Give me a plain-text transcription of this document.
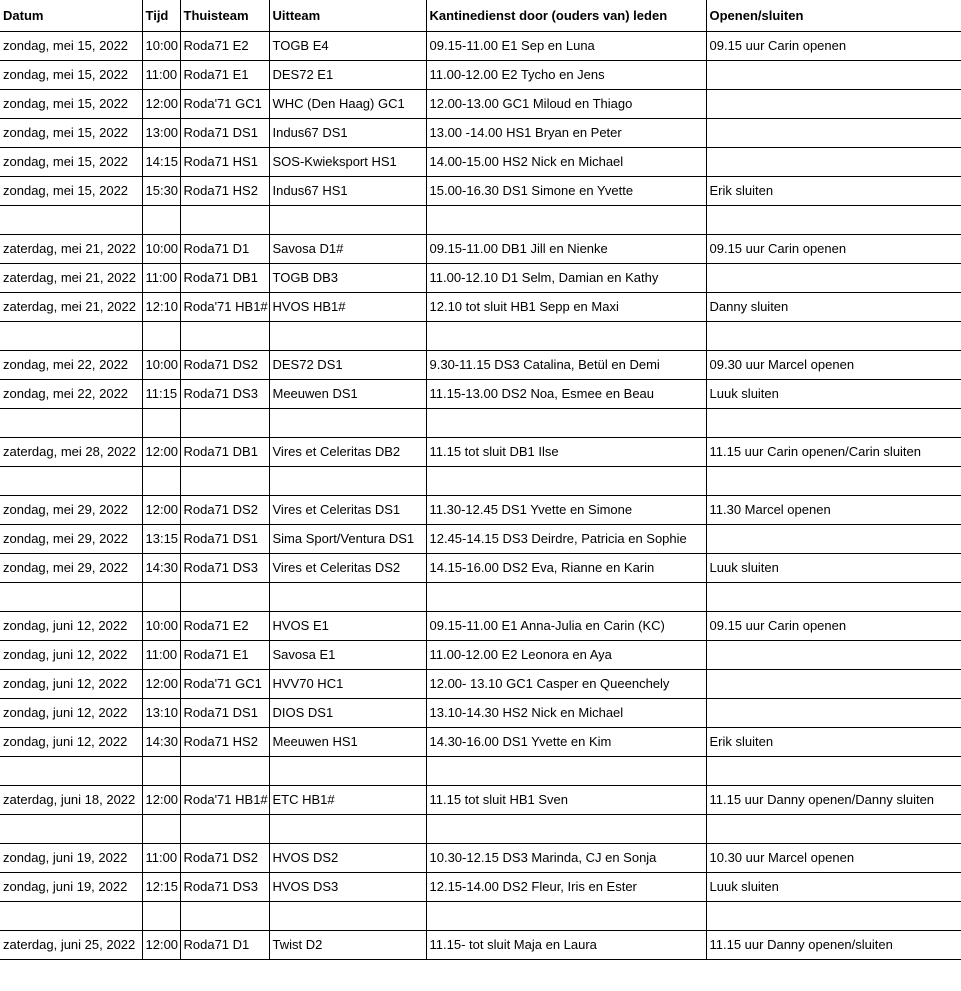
Datum	Tijd	Thuisteam	Uitteam	Kantinedienst door (ouders van) leden	Openen/sluiten
zondag, mei 15, 2022	10:00	Roda71 E2	TOGB E4	09.15-11.00 E1 Sep en Luna	09.15 uur Carin openen
zondag, mei 15, 2022	11:00	Roda71 E1	DES72 E1	11.00-12.00 E2 Tycho en Jens	
zondag, mei 15, 2022	12:00	Roda'71 GC1	WHC (Den Haag) GC1	12.00-13.00 GC1 Miloud en Thiago	
zondag, mei 15, 2022	13:00	Roda71 DS1	Indus67 DS1	13.00 -14.00 HS1 Bryan en Peter	
zondag, mei 15, 2022	14:15	Roda71 HS1	SOS-Kwieksport HS1	14.00-15.00 HS2 Nick en Michael	
zondag, mei 15, 2022	15:30	Roda71 HS2	Indus67 HS1	15.00-16.30 DS1 Simone en Yvette	Erik sluiten

zaterdag, mei 21, 2022	10:00	Roda71 D1	Savosa D1#	09.15-11.00 DB1 Jill en Nienke	09.15 uur Carin openen
zaterdag, mei 21, 2022	11:00	Roda71 DB1	TOGB DB3	11.00-12.10 D1 Selm, Damian en Kathy	
zaterdag, mei 21, 2022	12:10	Roda'71 HB1#	HVOS HB1#	12.10 tot sluit HB1 Sepp en Maxi	Danny sluiten

zondag, mei 22, 2022	10:00	Roda71 DS2	DES72 DS1	9.30-11.15 DS3 Catalina, Betül en Demi	09.30 uur Marcel openen
zondag, mei 22, 2022	11:15	Roda71 DS3	Meeuwen DS1	11.15-13.00 DS2 Noa, Esmee en Beau	Luuk sluiten

zaterdag, mei 28, 2022	12:00	Roda71 DB1	Vires et Celeritas DB2	11.15 tot sluit DB1 Ilse	11.15 uur Carin openen/Carin sluiten

zondag, mei 29, 2022	12:00	Roda71 DS2	Vires et Celeritas DS1	11.30-12.45 DS1 Yvette en Simone	11.30 Marcel openen
zondag, mei 29, 2022	13:15	Roda71 DS1	Sima Sport/Ventura DS1	12.45-14.15 DS3 Deirdre, Patricia en Sophie	
zondag, mei 29, 2022	14:30	Roda71 DS3	Vires et Celeritas DS2	14.15-16.00 DS2 Eva, Rianne en Karin	Luuk sluiten

zondag, juni 12, 2022	10:00	Roda71 E2	HVOS E1	09.15-11.00 E1 Anna-Julia en Carin (KC)	09.15 uur Carin openen
zondag, juni 12, 2022	11:00	Roda71 E1	Savosa E1	11.00-12.00 E2 Leonora en Aya	
zondag, juni 12, 2022	12:00	Roda'71 GC1	HVV70 HC1	12.00- 13.10 GC1 Casper en Queenchely	
zondag, juni 12, 2022	13:10	Roda71 DS1	DIOS DS1	13.10-14.30 HS2 Nick en Michael	
zondag, juni 12, 2022	14:30	Roda71 HS2	Meeuwen HS1	14.30-16.00 DS1 Yvette en Kim	Erik sluiten

zaterdag, juni 18, 2022	12:00	Roda'71 HB1#	ETC HB1#	11.15 tot sluit HB1 Sven	11.15 uur Danny openen/Danny sluiten

zondag, juni 19, 2022	11:00	Roda71 DS2	HVOS DS2	10.30-12.15 DS3 Marinda, CJ en Sonja	10.30 uur Marcel openen
zondag, juni 19, 2022	12:15	Roda71 DS3	HVOS DS3	12.15-14.00 DS2 Fleur, Iris en Ester	Luuk sluiten

zaterdag, juni 25, 2022	12:00	Roda71 D1	Twist D2	11.15- tot sluit Maja en Laura	11.15 uur Danny openen/sluiten
